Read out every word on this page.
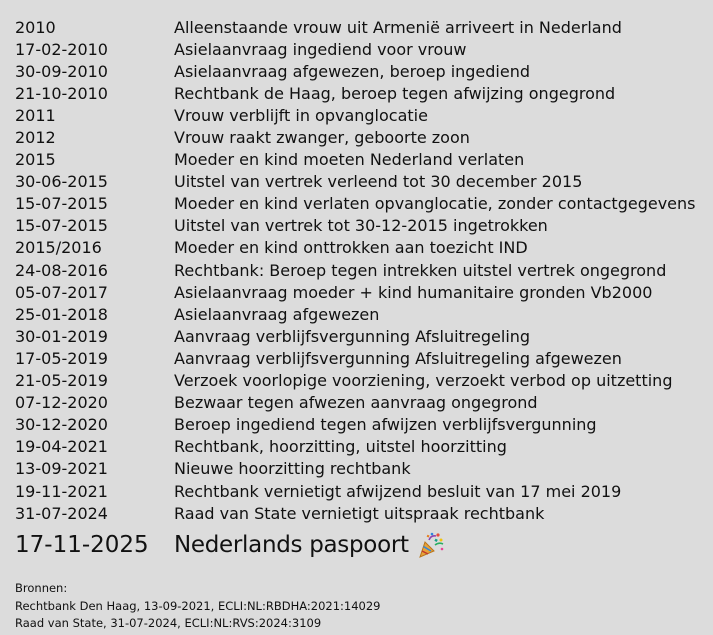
2010	Alleenstaande vrouw uit Armenië arriveert in Nederland
17-02-2010	Asielaanvraag ingediend voor vrouw
30-09-2010	Asielaanvraag afgewezen, beroep ingediend
21-10-2010	Rechtbank de Haag, beroep tegen afwijzing ongegrond
2011	Vrouw verblijft in opvanglocatie
2012	Vrouw raakt zwanger, geboorte zoon
2015	Moeder en kind moeten Nederland verlaten
30-06-2015	Uitstel van vertrek verleend tot 30 december 2015
15-07-2015	Moeder en kind verlaten opvanglocatie, zonder contactgegevens
15-07-2015	Uitstel van vertrek tot 30-12-2015 ingetrokken
2015/2016	Moeder en kind onttrokken aan toezicht IND
24-08-2016	Rechtbank: Beroep tegen intrekken uitstel vertrek ongegrond
05-07-2017	Asielaanvraag moeder + kind humanitaire gronden Vb2000
25-01-2018	Asielaanvraag afgewezen
30-01-2019	Aanvraag verblijfsvergunning Afsluitregeling
17-05-2019	Aanvraag verblijfsvergunning Afsluitregeling afgewezen
21-05-2019	Verzoek voorlopige voorziening, verzoekt verbod op uitzetting
07-12-2020	Bezwaar tegen afwezen aanvraag ongegrond
30-12-2020	Beroep ingediend tegen afwijzen verblijfsvergunning
19-04-2021	Rechtbank, hoorzitting, uitstel hoorzitting
13-09-2021	Nieuwe hoorzitting rechtbank
19-11-2021	Rechtbank vernietigt afwijzend besluit van 17 mei 2019
31-07-2024	Raad van State vernietigt uitspraak rechtbank
17-11-2025	Nederlands paspoort
Bronnen:
Rechtbank Den Haag, 13-09-2021, ECLI:NL:RBDHA:2021:14029
Raad van State, 31-07-2024, ECLI:NL:RVS:2024:3109
